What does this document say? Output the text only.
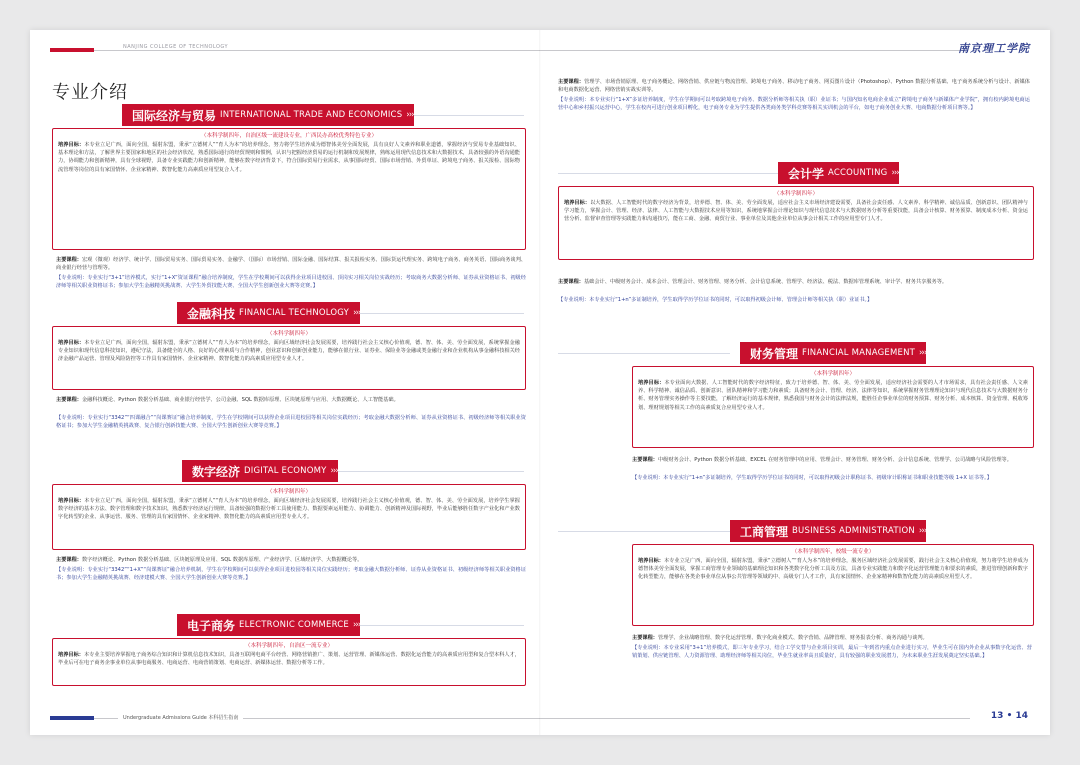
NANJING COLLEGE OF TECHNOLOGY
专业介绍
国际经济与贸易 INTERNATIONAL TRADE AND ECONOMICS ›››
（本科学制四年，自治区级一流建设专业，广西民办高校优秀特色专业）
培养目标：本专业立足广西，面向全国，辐射东盟，秉承“立德树人”“育人为本”的培养理念，努力将学生培养成为德智体美劳全面发展，具有良好人文素养和职业道德，掌握经济与贸易专业基础知识、基本理论和方法，了解世界主要国家和地区的社会经济状况，熟悉国际通行的经贸规则和惯例，认识与把握经济贸易的运行机制和发展规律，熟练运用现代信息技术和大数据技术，具备较强的外语沟通能力，协调能力和创新精神，具有全球视野，具备专业实践能力和创新精神，能够在数字经济背景下，符合国际贸易行业需求，从事国际经贸、国际市场营销、外贸单证、跨境电子商务、报关报检、国际物流管理等岗位的具有家国情怀、企业家精神、数智化能力高素质应用型复合人才。
主要课程：宏观（微观）经济学、统计学、国际贸易实务、国际贸易实务、金融学、（国际）市场营销、国际金融、国际结算、报关报检实务、国际货运代理实务、跨境电子商务、商务英语、国际商务谈判、商业银行经营与管理等。
【专业说明：专业实行“3+1”培养模式，实行“1+X”资证课程”融合培养制度，学生在学校期间可以获得企业项目进校园、顶岗实习相关岗位实战经历；考取商务大数据分析师、证券从业资格证书、初级经济师等相关职业资格证书；参加大学生金融精英挑战赛、大学生外贸技能大赛、全国大学生创新创业大赛等竞赛。】
金融科技 FINANCIAL TECHNOLOGY ›››
（本科学制四年）
培养目标：本专业立足广西，面向全国，辐射东盟，秉承“立德树人”“育人为本”的培养理念，面向区域经济社会发展需要，培养践行社会主义核心价值观，德、智、体、美、劳全面发展，系统掌握金融专业知识和现代信息科技知识，遵纪守法，具备健全的人格、良好的心理素质与合作精神，创业意识和创新创业能力，能够在银行业、证券业、保险业等金融或类金融行业和企业机构从事金融科技相关经济金融产品运营、管理及风险防控等工作具有家国情怀、企业家精神、数智化能力的高素质应用型专业人才。
主要课程：金融科技概论、Python 数据分析基础、商业银行经营学、公司金融、SQL 数据库原理、区块链原理与应用、大数据概论、人工智能基础。
【专业说明：专业实行“3342”“四课融合”“岗课赛证”融合培养制度，学生在学校期间可以获得企业项目进校园等相关岗位实践经历；考取金融大数据分析师、证券从业资格证书、初级经济师等相关职业资格证书；参加大学生金融精英挑战赛、复合银行创新技能大赛、全国大学生创新创业大赛等竞赛。】
数字经济 DIGITAL ECONOMY ›››
（本科学制四年）
培养目标：本专业立足广西，面向全国，辐射东盟，秉承“立德树人”“育人为本”的培养理念，面向区域经济社会发展需要，培养践行社会主义核心价值观，德、智、体、美、劳全面发展，培养学生掌握数字经济的基本方法、数字管理和数字技术知识，熟悉数字经济运行规律，具备较强的数据分析工具使用能力、数据要素运用能力、协调能力、创新精神及国际视野，毕业后能够胜任数字产业化和产业数字化转型的企业、从事运营、服务、管理的具有家国情怀、企业家精神、数智化能力的高素质应用型专业人才。
主要课程：数字经济概论、Python 数据分析基础、区块链原理及应用、SQL 数据库原理、产业经济学、区域经济学、大数据概论等。
【专业说明：专业实行“3342”“1+X”“岗课赛证”融合培养机制，学生在学校期间可以获得企业项目进校园等相关岗位实践经历；考取金融大数据分析师、证券从业资格证书、初级经济师等相关职业资格证书；参加大学生金融精英挑战赛、经济建模大赛、全国大学生创新创业大赛等竞赛。】
电子商务 ELECTRONIC COMMERCE ›››
（本科学制四年，自治区一流专业）
培养目标：本专业主要培养掌握电子商务综合知识和计算机信息技术知识，具备互联网电商平台经营、网络营销推广、策划、运营管理、新媒体运营、数据化运营能力的高素质应用型和复合型本科人才，毕业后可在电子商务企事业单位从事电商服务、电商运营、电商营销策划、电商运营、新媒体运营、数据分析等工作。
Undergraduate Admissions Guide 本科招生指南
南京理工学院
主要课程：管理学、市场营销原理、电子商务概论、网络营销、供应链与物流管理、跨境电子商务、移动电子商务、网页图片设计（Photoshop）、Python 数据分析基础、电子商务系统分析与设计、新媒体和电商数据化运营、网络营销实战实训等。
【专业说明：本专业实行“1+X”多证培养制度，学生在学期间可以考取跨境电子商务、数据分析师等相关执（职）业证书；与国内知名电商企业成立“跨境电子商务与新媒体产业学院”，拥有校内跨境电商运营中心和乡村振兴运营中心，学生在校内可进行创业项目孵化，电子商务专业为学生提供各类商务类学科竞赛等相关实训机会的平台，如电子商务创业大赛、电商数据分析项目赛等。】
会计学 ACCOUNTING ›››
（本科学制四年）
培养目标：以大数据、人工智能时代的数字经济为背景，培养德、智、体、美、劳全面发展，适应社会主义市场经济建设需要，具备社会责任感、人文素养、科学精神、诚信品质、创新意识、团队精神与学习能力，掌握会计、管理、经济、法律、人工智能与大数据技术应用等知识，系统地掌握会计理论知识与现代信息技术与大数据财务分析等重要技能，具备会计核算、财务预算、制度成本分析、资金运营分析、监督审查管理等实践能力和沟通技巧，能在工商、金融、商贸行业、事业单位及其他企业单位从事会计相关工作的应用型专门人才。
主要课程：基础会计、中级财务会计、成本会计、管理会计、财务管理、财务分析、会计信息系统、管理学、经济法、税法、数据库管理系统、审计学、财务共享服务等。
【专业说明：本专业实行“1+n”多证制培养，学生取得学历学位证书的同时，可以取得初级会计师、管理会计师等相关执（职）业证书。】
财务管理 FINANCIAL MANAGEMENT ›››
（本科学制四年）
培养目标：本专业面向大数据、人工智能时代的数字经济特征，致力于培养德、智、体、美、劳全面发展，适应经济社会需要的人才市场需求，具有社会责任感、人文素养、科学精神、诚信品质、创新意识、团队精神和学习能力和素质；具备财务会计、管理、经济、法律等知识，系统掌握财务管理理论知识与现代信息技术与大数据财务分析、财务管理实务操作等主要技能，了解经济运行的基本规律，熟悉我国与财务会计的法律法规，能胜任企事业单位的财务预算、财务分析、成本核算、资金管理、税收筹划、理财规划等相关工作的高素质复合应用型专业人才。
主要课程：中级财务会计、Python 数据分析基础、EXCEL 在财务管理中的应用、管理会计、财务管理、财务分析、会计信息系统、管理学、公司战略与风险管理等。
【专业说明：本专业实行“1+n”多证制培养，学生取得学历学位证书的同时，可以取得初级会计职称证书、初级审计职称证书和职业技能等级 1+X 证书等。】
工商管理 BUSINESS ADMINISTRATION ›››
（本科学制四年，校级一流专业）
培养目标：本专业立足广西，面向全国，辐射东盟，秉承“立德树人”“育人为本”的培养理念，服务区域经济社会发展需要，践行社会主义核心价值观，努力将学生培养成为德智体美劳全面发展，掌握工商管理专业领域的基础理论知识和各类数字化分析工具及方法，具备专业实践能力和数字化运营管理能力和要求的素质，推进管理创新和数字化转型能力，能够在各类企事业单位从事公共管理等领域的中、高级专门人才工作，具有家国情怀、企业家精神和数智化能力的高素质应用型人才。
主要课程：管理学、企业战略管理、数字化运营管理、数字化商业模式、数字营销、品牌管理、财务报表分析、商务沟通与谈判。
【专业说明：本专业采用“3+1”培养模式，即三年专业学习，结合工学交替与企业项目实训，最后一年到省内重点企业进行实习，毕业生可在国内外企业从事数字化运营、营销策划、供应链管理、人力资源管理、助理经济师等相关岗位，毕业生就业率高且质量好，具有较强的职业发展潜力，为未来职业生涯发展奠定坚实基础。】
13 • 14
